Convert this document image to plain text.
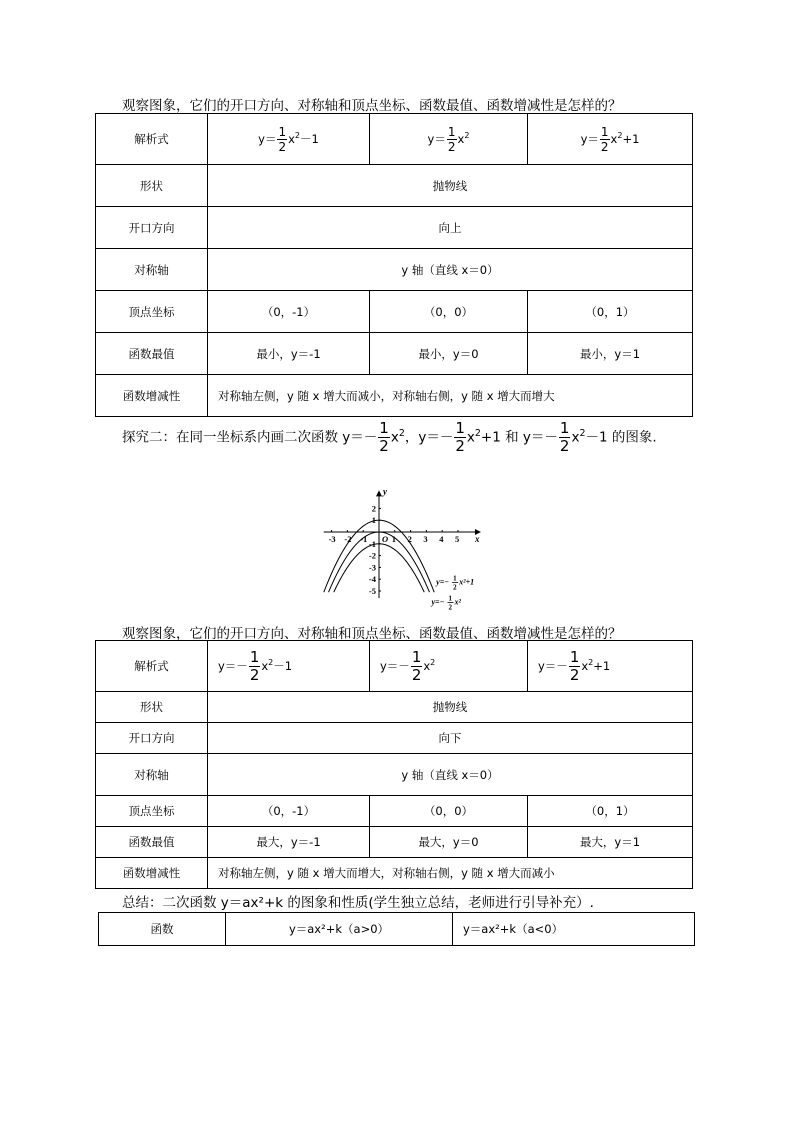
观察图象，它们的开口方向、对称轴和顶点坐标、函数最值、函数增减性是怎样的？
解析式	$y= \frac{1}{2} x^2-1$	$y= \frac{1}{2} x^2$	$y= \frac{1}{2} x^2+1$
形状	抛物线		
开口方向	向上		
对称轴	y 轴（直线 x＝0）		
顶点坐标	（0，-1）	（0，0）	（0，1）
函数最值	最小，y＝-1	最小，y＝0	最小，y＝1
函数增减性	对称轴左侧，y 随 x 增大而减小，对称轴右侧，y 随 x 增大而增大		
探究二：在同一坐标系内画二次函数 $y=- \frac{1}{2} x^2$，$y=- \frac{1}{2} x^2+1$ 和 $y=- \frac{1}{2} x^2-1$ 的图象.
x
y
-3 -2 -1 O 1 2 3 4 5
2
1
-1
-2
-3
-4
-5
y=− 1
2
x²+1
y=− 1
2
x²
观察图象，它们的开口方向、对称轴和顶点坐标、函数最值、函数增减性是怎样的？
解析式	$y=- \frac{1}{2} x^2-1$	$y=- \frac{1}{2} x^2$	$y=- \frac{1}{2} x^2+1$
形状	抛物线		
开口方向	向下		
对称轴	y 轴（直线 x＝0）		
顶点坐标	（0，-1）	（0，0）	（0，1）
函数最值	最大，y＝-1	最大，y＝0	最大，y＝1
函数增减性	对称轴左侧，y 随 x 增大而增大，对称轴右侧，y 随 x 增大而减小		
总结：二次函数 y＝ax²+k 的图象和性质(学生独立总结，老师进行引导补充）.
函数	y＝ax²+k（a>0）	y＝ax²+k（a<0）
